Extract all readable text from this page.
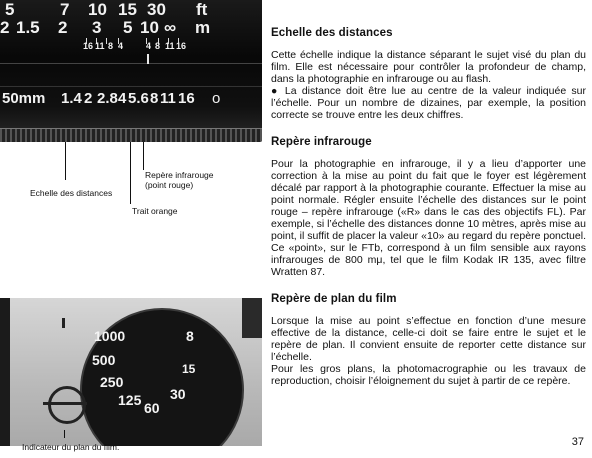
5	7 10 15 30 ft
2 1.5 2 3 5 10 ∞ m
16 11 8 4	4 8 11 16
50mm 1.4 2 2.8 4 5.6 8 11 16 o
Echelle des distances
Repère infrarouge
(point rouge)
Trait orange
1000
500
250
125 60
30
15
8
Indicateur du plan du film.
Echelle des distances

Cette échelle indique la distance séparant le sujet visé du plan du film. Elle est nécessaire pour contrôler la profondeur de champ, dans la photographie en infrarouge ou au flash.

● La distance doit être lue au centre de la valeur indiquée sur l’échelle. Pour un nombre de dizaines, par exemple, la position correcte se trouve entre les deux chiffres.

Repère infrarouge

Pour la photographie en infrarouge, il y a lieu d’apporter une correction à la mise au point du fait que le foyer est légèrement décalé par rapport à la photographie courante. Effectuer la mise au point normale. Régler ensuite l’échelle des distances sur le point rouge – repère infrarouge («R» dans le cas des objectifs FL). Par exemple, si l’échelle des distances donne 10 mètres, après mise au point, il suffit de placer la valeur «10» au regard du repère ponctuel. Ce «point», sur le FTb, correspond à un film sensible aux rayons infrarouges de 800 mμ, tel que le film Kodak IR 135, avec filtre Wratten 87.

Repère de plan du film

Lorsque la mise au point s’effectue en fonction d’une mesure effective de la distance, celle-ci doit se faire entre le sujet et le repère de plan. Il convient ensuite de reporter cette distance sur l’échelle.

Pour les gros plans, la photomacrographie ou les travaux de reproduction, choisir l’éloignement du sujet à partir de ce repère.

37
